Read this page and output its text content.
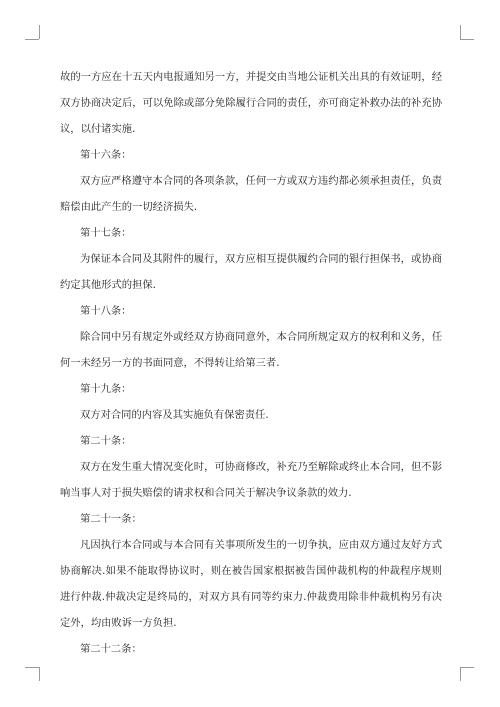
故的一方应在十五天内电报通知另一方，并提交由当地公证机关出具的有效证明，经双方协商决定后，可以免除或部分免除履行合同的责任，亦可商定补救办法的补充协议，以付诸实施.

第十六条：

双方应严格遵守本合同的各项条款，任何一方或双方违约都必须承担责任，负责赔偿由此产生的一切经济损失.

第十七条：

为保证本合同及其附件的履行，双方应相互提供履约合同的银行担保书，或协商约定其他形式的担保.

第十八条：

除合同中另有规定外或经双方协商同意外，本合同所规定双方的权利和义务，任何一未经另一方的书面同意，不得转让给第三者.

第十九条：

双方对合同的内容及其实施负有保密责任.

第二十条：

双方在发生重大情况变化时，可协商修改，补充乃至解除或终止本合同，但不影响当事人对于损失赔偿的请求权和合同关于解决争议条款的效力.

第二十一条：

凡因执行本合同或与本合同有关事项所发生的一切争执，应由双方通过友好方式协商解决.如果不能取得协议时，则在被告国家根据被告国仲裁机构的仲裁程序规则进行仲裁.仲裁决定是终局的，对双方具有同等约束力.仲裁费用除非仲裁机构另有决定外，均由败诉一方负担.

第二十二条：
